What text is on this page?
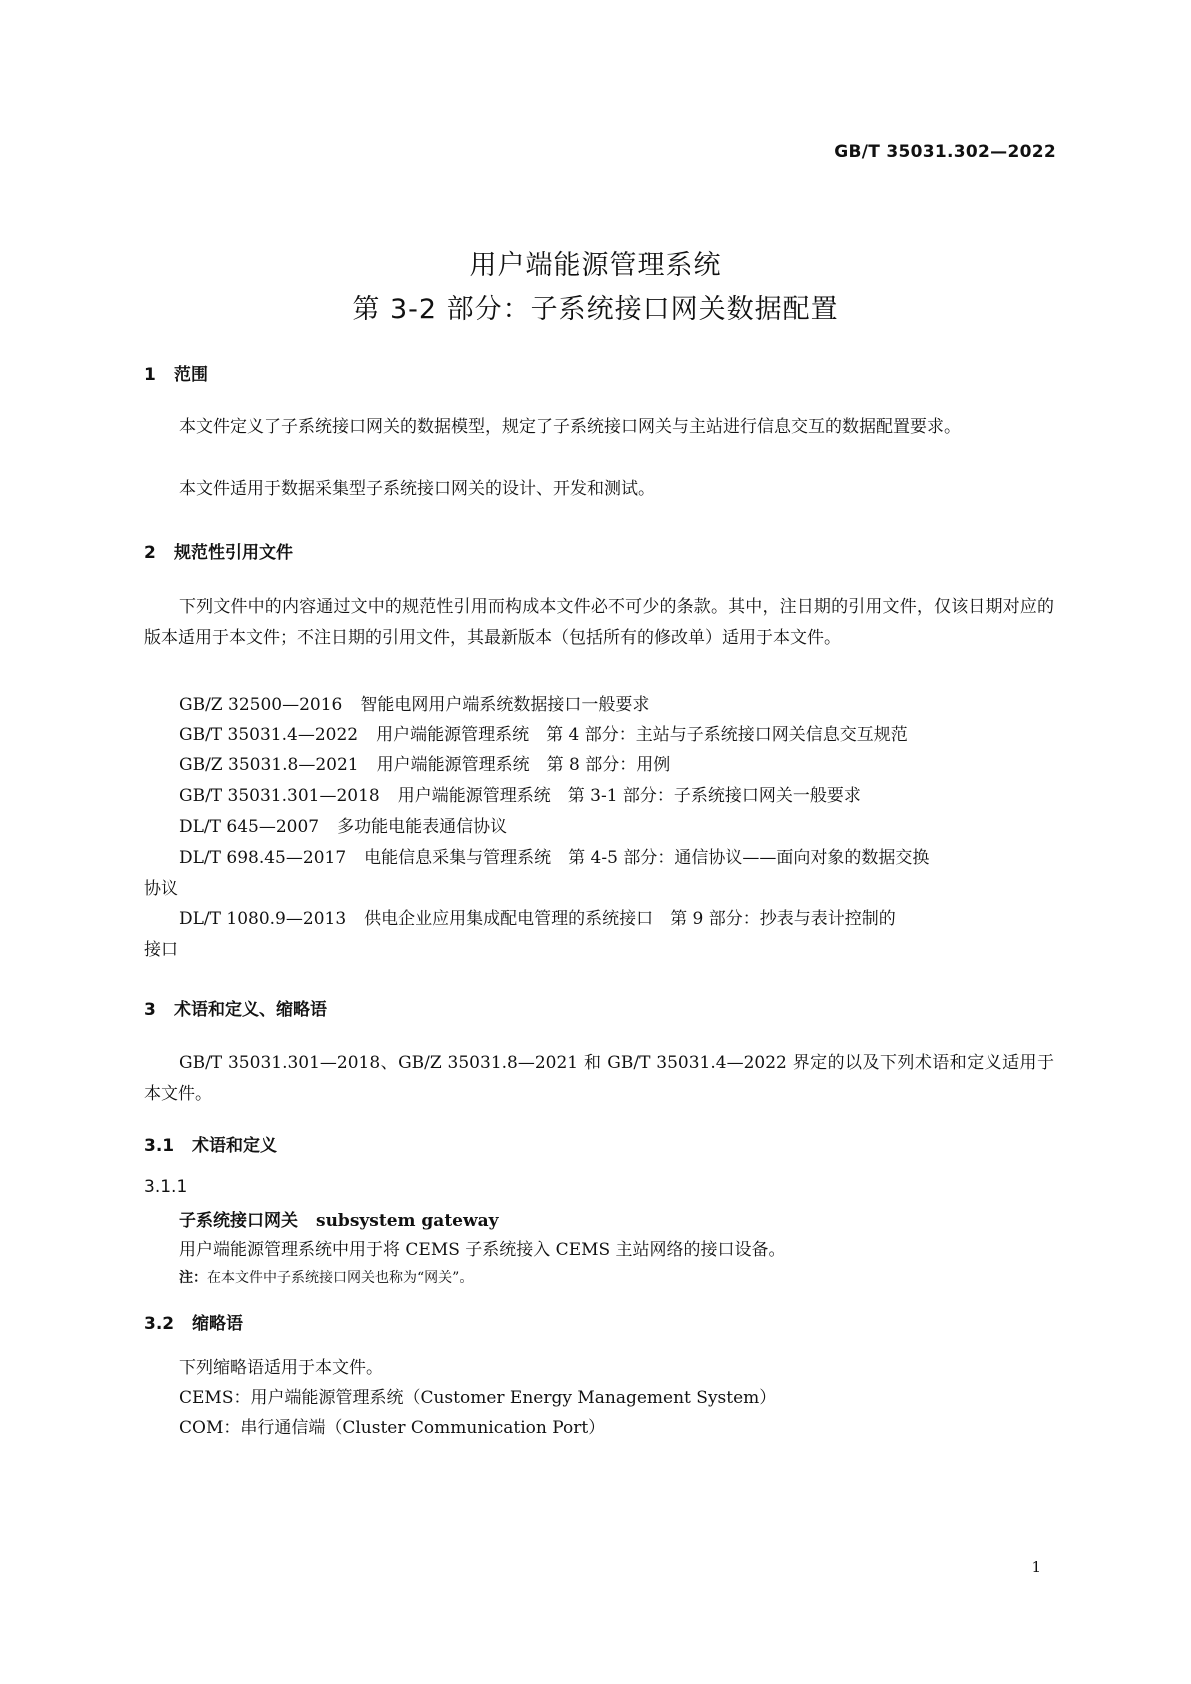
GB/T 35031.302—2022
用户端能源管理系统
第 3-2 部分：子系统接口网关数据配置
1 范围
本文件定义了子系统接口网关的数据模型，规定了子系统接口网关与主站进行信息交互的数据配置要求。
本文件适用于数据采集型子系统接口网关的设计、开发和测试。
2 规范性引用文件
下列文件中的内容通过文中的规范性引用而构成本文件必不可少的条款。其中，注日期的引用文件，仅该日期对应的版本适用于本文件；不注日期的引用文件，其最新版本（包括所有的修改单）适用于本文件。
GB/Z 32500—2016 智能电网用户端系统数据接口一般要求
GB/T 35031.4—2022 用户端能源管理系统　第 4 部分：主站与子系统接口网关信息交互规范
GB/Z 35031.8—2021 用户端能源管理系统　第 8 部分：用例
GB/T 35031.301—2018 用户端能源管理系统　第 3-1 部分：子系统接口网关一般要求
DL/T 645—2007 多功能电能表通信协议
DL/T 698.45—2017 电能信息采集与管理系统　第 4-5 部分：通信协议——面向对象的数据交换
协议
DL/T 1080.9—2013 供电企业应用集成配电管理的系统接口　第 9 部分：抄表与表计控制的
接口
3 术语和定义、缩略语
GB/T 35031.301—2018、GB/Z 35031.8—2021 和 GB/T 35031.4—2022 界定的以及下列术语和定义适用于本文件。
3.1 术语和定义
3.1.1
子系统接口网关 subsystem gateway
用户端能源管理系统中用于将 CEMS 子系统接入 CEMS 主站网络的接口设备。
注：在本文件中子系统接口网关也称为“网关”。
3.2 缩略语
下列缩略语适用于本文件。
CEMS：用户端能源管理系统（Customer Energy Management System）
COM：串行通信端（Cluster Communication Port）
1
